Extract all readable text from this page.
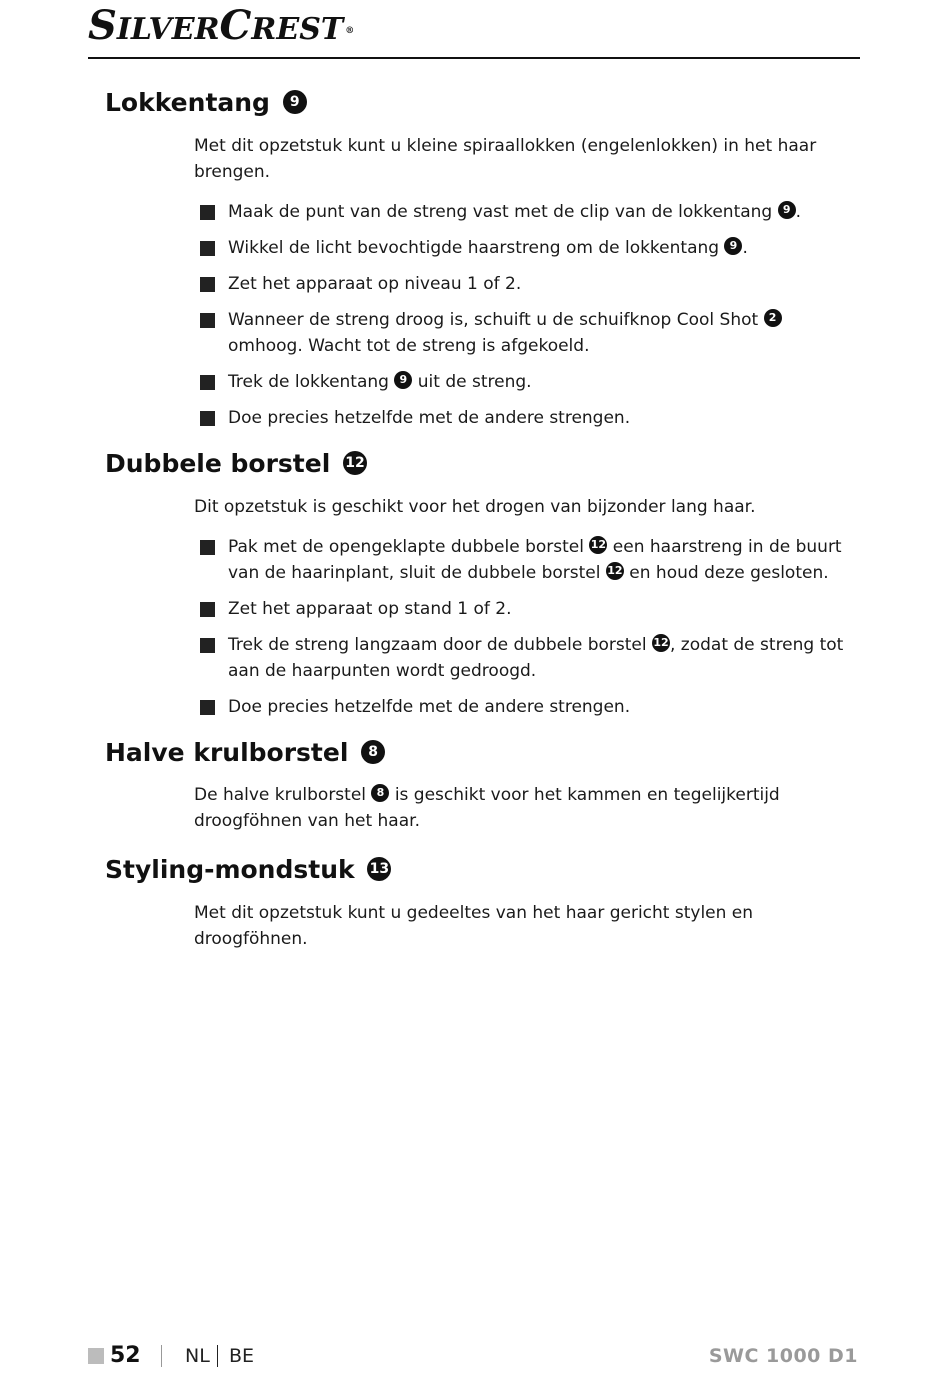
SILVERCREST ®
Lokkentang 9

Met dit opzetstuk kunt u kleine spiraallokken (engelenlokken) in het haar brengen.

Maak de punt van de streng vast met de clip van de lokkentang 9 .
Wikkel de licht bevochtigde haarstreng om de lokkentang 9 .
Zet het apparaat op niveau 1 of 2.
Wanneer de streng droog is, schuift u de schuifknop Cool Shot 2
omhoog. Wacht tot de streng is afgekoeld.
Trek de lokkentang 9 uit de streng.
Doe precies hetzelfde met de andere strengen.
Dubbele borstel 12

Dit opzetstuk is geschikt voor het drogen van bijzonder lang haar.

Pak met de opengeklapte dubbele borstel 12 een haarstreng in de buurt van de haarinplant, sluit de dubbele borstel 12 en houd deze gesloten.
Zet het apparaat op stand 1 of 2.
Trek de streng langzaam door de dubbele borstel 12, zodat de streng tot aan de haarpunten wordt gedroogd.
Doe precies hetzelfde met de andere strengen.
Halve krulborstel 8

De halve krulborstel 8 is geschikt voor het kammen en tegelijkertijd droogföhnen van het haar.

Styling-mondstuk 13

Met dit opzetstuk kunt u gedeeltes van het haar gericht stylen en droogföhnen.

52 NL BE	SWC 1000 D1
